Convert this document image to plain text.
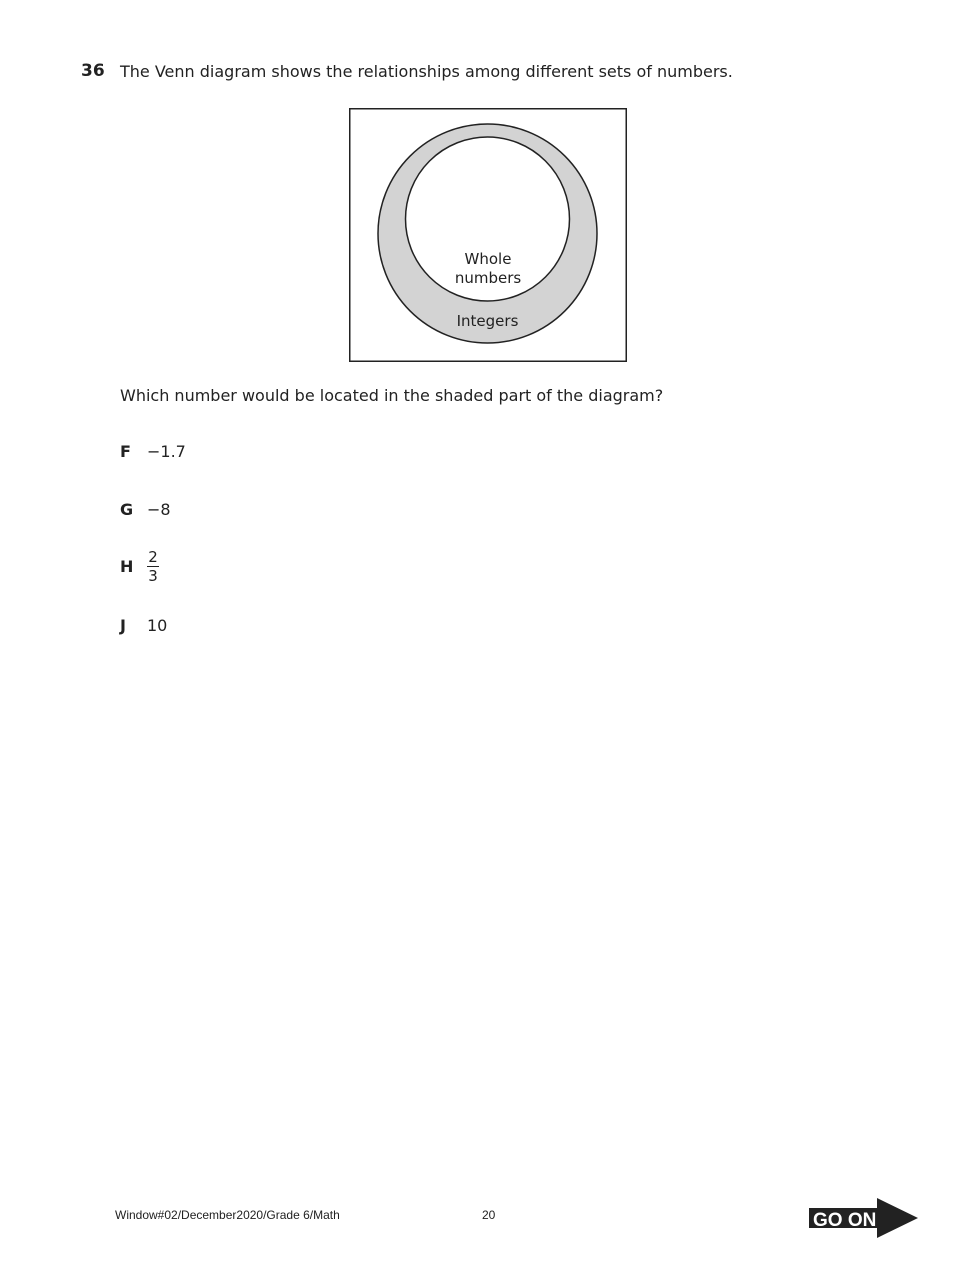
36 The Venn diagram shows the relationships among different sets of numbers.
Whole
numbers
Integers
Which number would be located in the shaded part of the diagram?
F	−1.7
G −8
H $\frac{2}{3}$
J	10
Window#02/December2020/Grade 6/Math	20	GO ON
